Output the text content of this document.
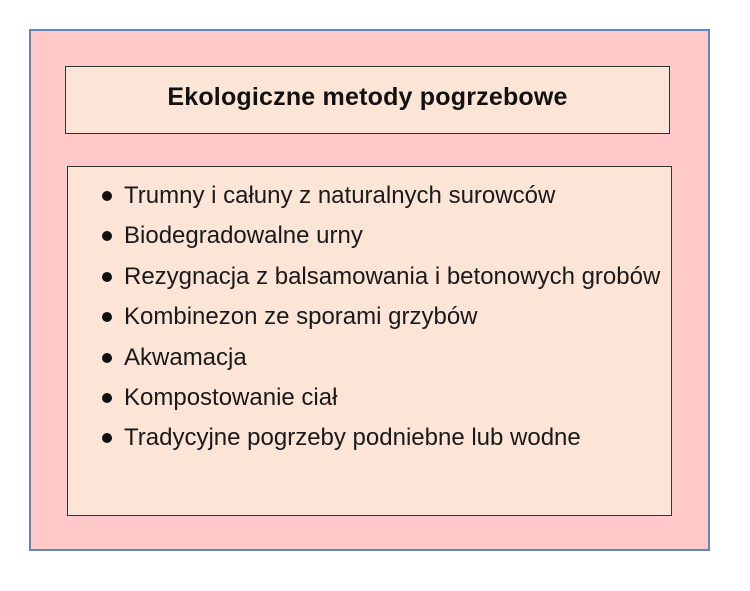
Ekologiczne metody pogrzebowe
Trumny i całuny z naturalnych surowców
Biodegradowalne urny
Rezygnacja z balsamowania i betonowych grobów
Kombinezon ze sporami grzybów
Akwamacja
Kompostowanie ciał
Tradycyjne pogrzeby podniebne lub wodne
